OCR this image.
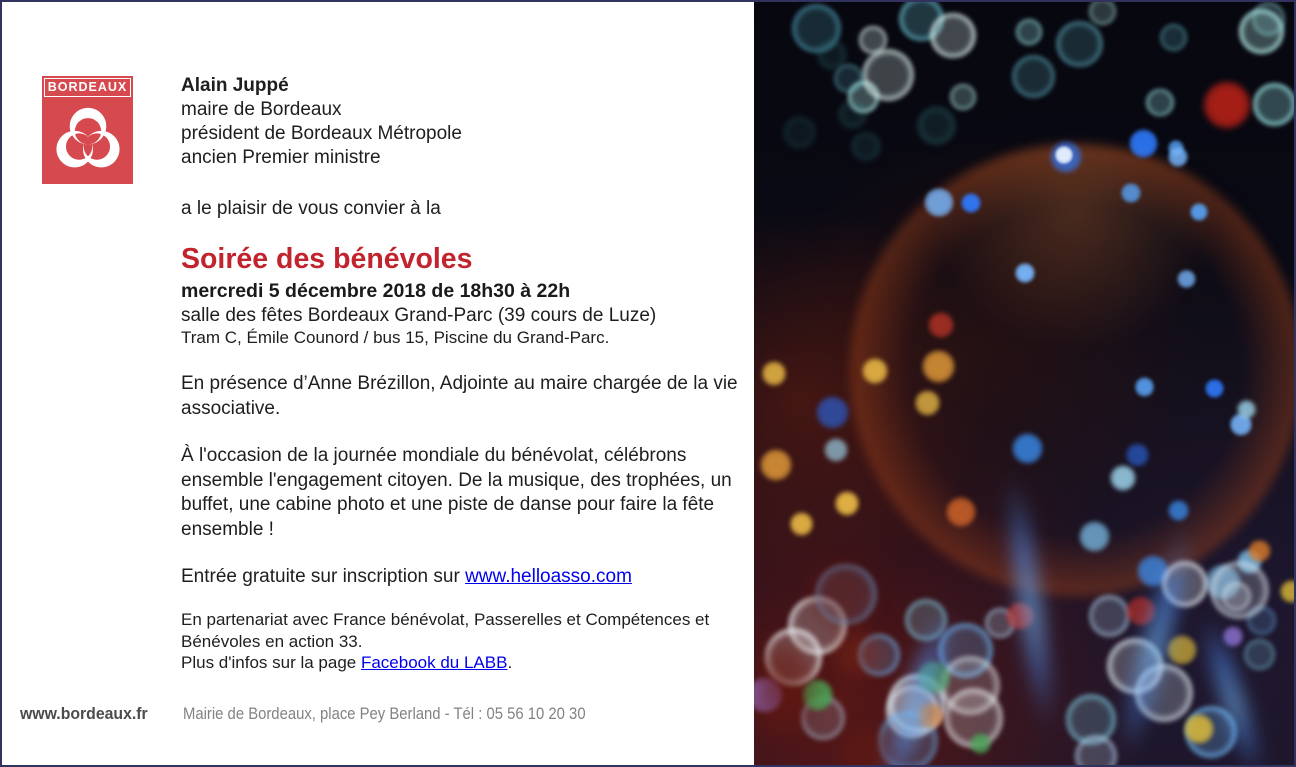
BORDEAUX	Alain Juppé
maire de Bordeaux
président de Bordeaux Métropole
ancien Premier ministre
a le plaisir de vous convier à la
Soirée des bénévoles
mercredi 5 décembre 2018 de 18h30 à 22h
salle des fêtes Bordeaux Grand-Parc (39 cours de Luze)
Tram C, Émile Counord / bus 15, Piscine du Grand-Parc.

En présence d’Anne Brézillon, Adjointe au maire chargée de la vie associative.

À l'occasion de la journée mondiale du bénévolat, célébrons ensemble l'engagement citoyen. De la musique, des trophées, un buffet, une cabine photo et une piste de danse pour faire la fête ensemble !

Entrée gratuite sur inscription sur www.helloasso.com

En partenariat avec France bénévolat, Passerelles et Compétences et Bénévoles en action 33.

Plus d'infos sur la page Facebook du LABB.

www.bordeaux.fr	Mairie de Bordeaux, place Pey Berland - Tél : 05 56 10 20 30
